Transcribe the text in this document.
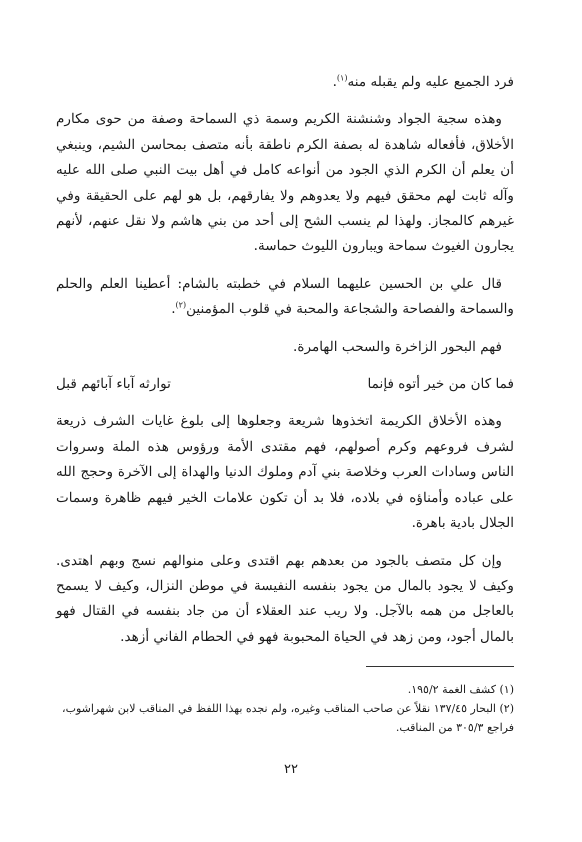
فرد الجميع عليه ولم يقبله منه$^{(١)}$.

وهذه سجية الجواد وشنشنة الكريم وسمة ذي السماحة وصفة من حوى مكارم الأخلاق، فأفعاله شاهدة له بصفة الكرم ناطقة بأنه متصف بمحاسن الشيم، وينبغي أن يعلم أن الكرم الذي الجود من أنواعه كامل في أهل بيت النبي صلى الله عليه وآله ثابت لهم محقق فيهم ولا يعدوهم ولا يفارقهم، بل هو لهم على الحقيقة وفي غيرهم كالمجاز. ولهذا لم ينسب الشح إلى أحد من بني هاشم ولا نقل عنهم، لأنهم يجارون الغيوث سماحة ويبارون الليوث حماسة.

قال علي بن الحسين عليهما السلام في خطبته بالشام: أعطينا العلم والحلم والسماحة والفصاحة والشجاعة والمحبة في قلوب المؤمنين$^{(٢)}$.

فهم البحور الزاخرة والسحب الهامرة.

فما كان من خير أتوه فإنما
توارثه آباء آبائهم قبل

وهذه الأخلاق الكريمة اتخذوها شريعة وجعلوها إلى بلوغ غايات الشرف ذريعة لشرف فروعهم وكرم أصولهم، فهم مقتدى الأمة ورؤوس هذه الملة وسروات الناس وسادات العرب وخلاصة بني آدم وملوك الدنيا والهداة إلى الآخرة وحجج الله على عباده وأمناؤه في بلاده، فلا بد أن تكون علامات الخير فيهم ظاهرة وسمات الجلال بادية باهرة.

وإن كل متصف بالجود من بعدهم بهم اقتدى وعلى منوالهم نسج وبهم اهتدى. وكيف لا يجود بالمال من يجود بنفسه النفيسة في موطن النزال، وكيف لا يسمح بالعاجل من همه بالآجل. ولا ريب عند العقلاء أن من جاد بنفسه في القتال فهو بالمال أجود، ومن زهد في الحياة المحبوبة فهو في الحطام الفاني أزهد.

(١) كشف الغمة ١٩٥/٢.

(٢) البحار ١٣٧/٤٥ نقلاً عن صاحب المناقب وغيره، ولم نجده بهذا اللفظ في المناقب لابن شهراشوب، فراجع ٣٠٥/٣ من المناقب.

٢٢
